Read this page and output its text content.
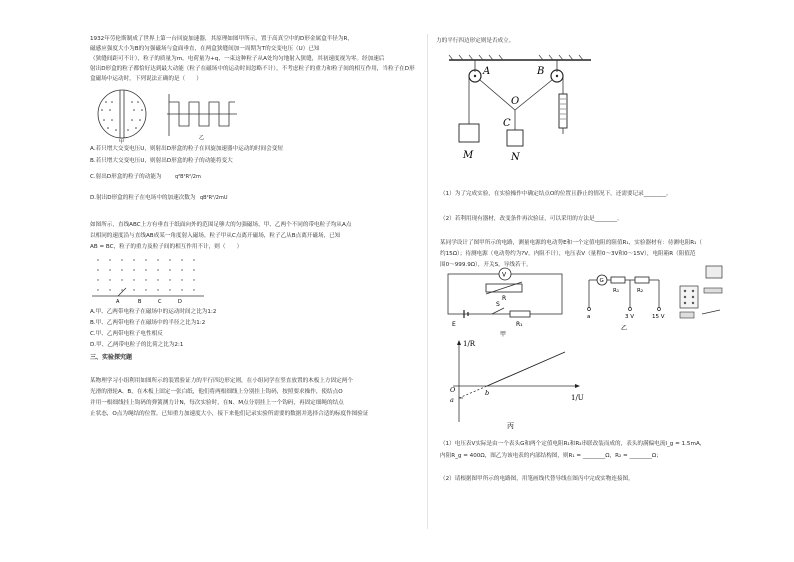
1932年劳伦斯制成了世界上第一台回旋加速器，其原理如图甲所示，置于高真空中的D形金属盒半径为R，
磁感应强度大小为B的匀强磁场与盒面垂直，在两盒狭缝间加一周期为T的交变电压（U）已知
（狭缝间距可不计），粒子的质量为m，电荷量为+q，一束这种粒子从A处均匀地射入狭缝，其初速度视为零。经加速后
射出D形盒的粒子都恰好达到最大动能（粒子在磁场中的运动时间忽略不计），不考虑粒子的重力和粒子间的相互作用，当粒子在D形
盒磁场中运动时，下列说法正确的是（　　）
甲
乙
A.若只增大交变电压U，则射出D形盒的粒子在回旋加速器中运动的时间会变短
B.若只增大交变电压U，则射出D形盒的粒子的动能将变大
C.射出D形盒的粒子的动能为	q²B²R²/2m
D.射出D形盒的粒子在电场中的加速次数为 qB²R²/2mU
如图所示，直线ABC上方有垂直于纸面向外的范围足够大的匀强磁场，甲、乙两个不同的带电粒子均从A点
以相同的速度沿与直线AB成某一角度射入磁场，粒子甲从C点离开磁场，粒子乙从B点离开磁场，已知
AB = BC，粒子的重力及粒子间的相互作用不计，则（　　）
A	B	C	D
A.甲、乙两带电粒子在磁场中的运动时间之比为1:2
B.甲、乙两带电粒子在磁场中的半径之比为1:2
C.甲、乙两带电粒子电性相反
D.甲、乙两带电粒子的比荷之比为2:1
三、实验探究题
某物理学习小组利用如图所示的装置验证力的平行四边形定则，在小组同学在竖直放置的木板上方固定两个
光滑的滑轮A、B，在木板上固定一张白纸，他们将两根细线上分别挂上钩码，按照要求操作，使结点O
并用一根细线挂上钩码的弹簧测力计N，每次实验时，在N、M点分别挂上一个钩码，再固定细绳的结点
止状态，O点为绳结的位置。已知重力加速度大小，接下来他们记录实验所需要的数据并选择合适的标度作图验证
力的平行四边形定则是否成立。
A	B
O
C
M	N
（1）为了完成实验，在实验操作中确定结点O的位置且静止的情况下，还需要记录________。
（2）若利用现有器材，改变条件再次验证，可以采用的方法是________。
某同学设计了图甲所示的电路，测量电源的电动势E和一个定值电阻的阻值R₁，实验器材有：待测电阻R₁（
约15Ω）；待测电源（电动势约为?V，内阻不计），电压表V（量程0～3V和0～15V），电阻箱R（阻值范
围0～999.9Ω），开关S，导线若干。
V
R
S
E	R₁
甲
G
R₁	R₂
a	3 V	15 V
乙
1/R
1/U
O
a
b
丙
（1）电压表V实际是由一个表头G和两个定值电阻R₁和R₂串联改装而成的，表头的满偏电流I_g = 1.5mA，
内阻R_g = 400Ω，图乙为该电表的内部结构图，则R₁ = ________Ω，R₂ = ________Ω；
（2）请根据图甲所示的电路图，用笔画线代替导线在图丙中完成实物连接图。
